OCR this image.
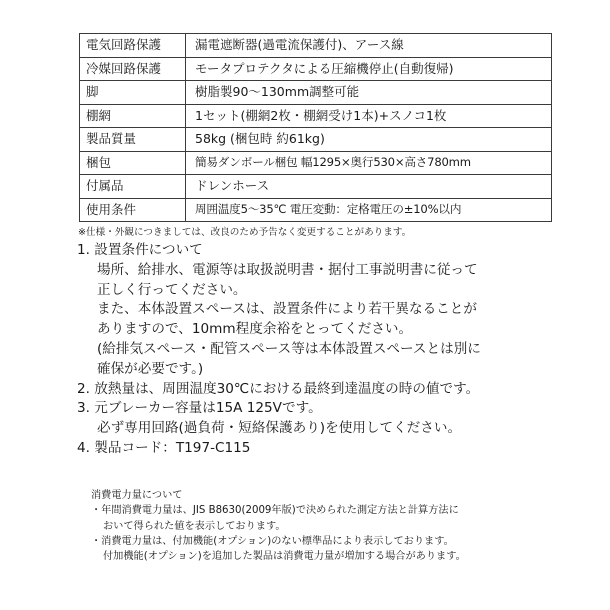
電気回路保護	漏電遮断器(過電流保護付)、アース線
冷媒回路保護	モータプロテクタによる圧縮機停止(自動復帰)
脚	樹脂製90～130mm調整可能
棚網	1セット(棚網2枚・棚網受け1本)+スノコ1枚
製品質量	58kg (梱包時 約61kg)
梱包	簡易ダンボール梱包 幅1295×奥行530×高さ780mm
付属品	ドレンホース
使用条件	周囲温度5～35℃ 電圧変動：定格電圧の±10%以内
※仕様・外観につきましては、改良のため予告なく変更することがあります。
1. 設置条件について
場所、給排水、電源等は取扱説明書・据付工事説明書に従って
正しく行ってください。
また、本体設置スペースは、設置条件により若干異なることが
ありますので、10mm程度余裕をとってください。
(給排気スペース・配管スペース等は本体設置スペースとは別に
確保が必要です。)
2. 放熱量は、周囲温度30℃における最終到達温度の時の値です。
3. 元ブレーカー容量は15A 125Vです。
必ず専用回路(過負荷・短絡保護あり)を使用してください。
4. 製品コード：T197-C115
消費電力量について
・年間消費電力量は、JIS B8630(2009年版)で決められた測定方法と計算方法に
おいて得られた値を表示しております。
・消費電力量は、付加機能(オプション)のない標準品により表示しております。
付加機能(オプション)を追加した製品は消費電力量が増加する場合があります。
